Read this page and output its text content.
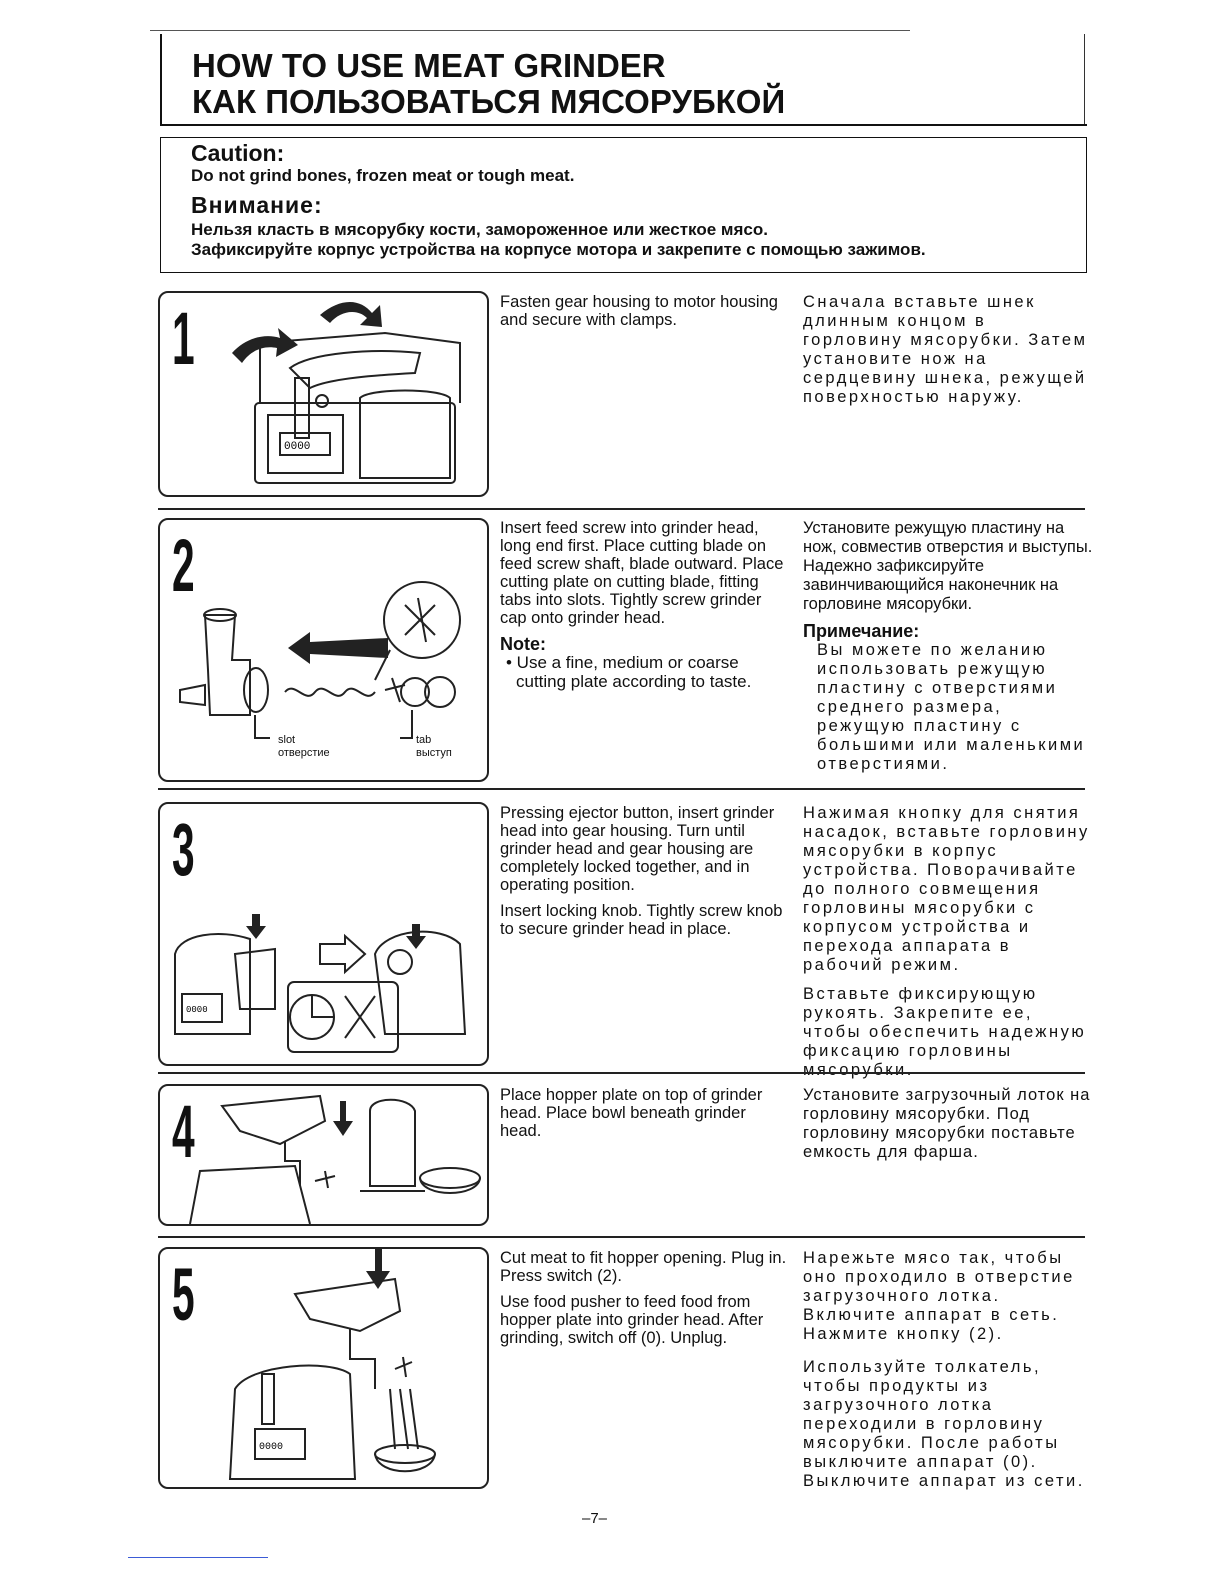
HOW TO USE MEAT GRINDER
КАК ПОЛЬЗОВАТЬСЯ МЯСОРУБКОЙ
Caution:
Do not grind bones, frozen meat or tough meat.
Внимание:
Нельзя класть в мясорубку кости, замороженное или жесткое мясо.
Зафиксируйте корпус устройства на корпусе мотора и закрепите с помощью зажимов.
1
0000

Fasten gear housing to motor housing and secure with clamps.

Сначала вставьте шнек длинным концом в горловину мясорубки. Затем установите нож на сердцевину шнека, режущей поверхностью наружу.

2
slot
отверстие
tab
выступ

Insert feed screw into grinder head, long end first. Place cutting blade on feed screw shaft, blade outward. Place cutting plate on cutting blade, fitting tabs into slots. Tightly screw grinder cap onto grinder head.

Note:

• Use a fine, medium or coarse cutting plate according to taste.

Установите режущую пластину на нож, совместив отверстия и выступы. Надежно зафиксируйте завинчивающийся наконечник на горловине мясорубки.

Примечание:

Вы можете по желанию использовать режущую пластину с отверстиями среднего размера, режущую пластину с большими или маленькими отверстиями.

3
0000

Pressing ejector button, insert grinder head into gear housing. Turn until grinder head and gear housing are completely locked together, and in operating position.

Insert locking knob. Tightly screw knob to secure grinder head in place.

Нажимая кнопку для снятия насадок, вставьте горловину мясорубки в корпус устройства. Поворачивайте до полного совмещения горловины мясорубки с корпусом устройства и перехода аппарата в рабочий режим.

Вставьте фиксирующую рукоять. Закрепите ее, чтобы обеспечить надежную фиксацию горловины мясорубки.

4	Place hopper plate on top of grinder head. Place bowl beneath grinder head.

Установите загрузочный лоток на горловину мясорубки. Под горловину мясорубки поставьте емкость для фарша.

5
0000

Cut meat to fit hopper opening. Plug in. Press switch (2).

Use food pusher to feed food from hopper plate into grinder head. After grinding, switch off (0). Unplug.

Нарежьте мясо так, чтобы оно проходило в отверстие загрузочного лотка. Включите аппарат в сеть. Нажмите кнопку (2).

Используйте толкатель, чтобы продукты из загрузочного лотка переходили в горловину мясорубки. После работы выключите аппарат (0). Выключите аппарат из сети.

–7–
